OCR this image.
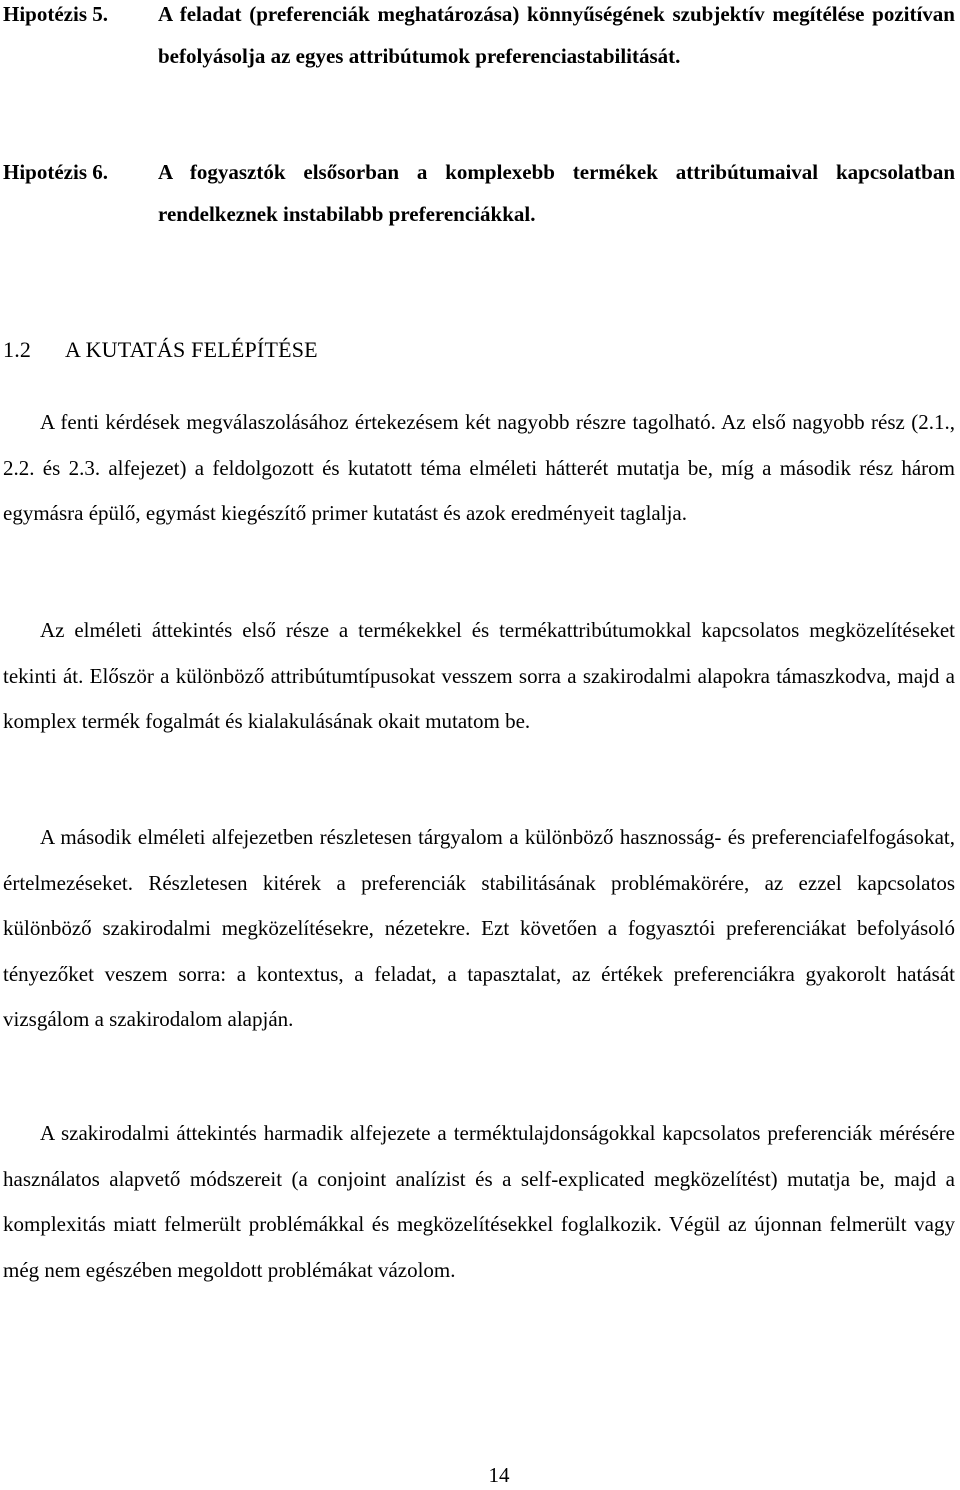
Hipotézis 5.	A feladat (preferenciák meghatározása) könnyűségének szubjektív megítélése pozitívan befolyásolja az egyes attribútumok preferenciastabilitását.
Hipotézis 6.	A fogyasztók elsősorban a komplexebb termékek attribútumaival kapcsolatban rendelkeznek instabilabb preferenciákkal.
1.2 A KUTATÁS FELÉPÍTÉSE

A fenti kérdések megválaszolásához értekezésem két nagyobb részre tagolható. Az első nagyobb rész (2.1., 2.2. és 2.3. alfejezet) a feldolgozott és kutatott téma elméleti hátterét mutatja be, míg a második rész három egymásra épülő, egymást kiegészítő primer kutatást és azok eredményeit taglalja.

Az elméleti áttekintés első része a termékekkel és termékattribútumokkal kapcsolatos megközelítéseket tekinti át. Először a különböző attribútumtípusokat vesszem sorra a szakirodalmi alapokra támaszkodva, majd a komplex termék fogalmát és kialakulásának okait mutatom be.

A második elméleti alfejezetben részletesen tárgyalom a különböző hasznosság- és preferenciafelfogásokat, értelmezéseket. Részletesen kitérek a preferenciák stabilitásának problémakörére, az ezzel kapcsolatos különböző szakirodalmi megközelítésekre, nézetekre. Ezt követően a fogyasztói preferenciákat befolyásoló tényezőket veszem sorra: a kontextus, a feladat, a tapasztalat, az értékek preferenciákra gyakorolt hatását vizsgálom a szakirodalom alapján.

A szakirodalmi áttekintés harmadik alfejezete a terméktulajdonságokkal kapcsolatos preferenciák mérésére használatos alapvető módszereit (a conjoint analízist és a self-explicated megközelítést) mutatja be, majd a komplexitás miatt felmerült problémákkal és megközelítésekkel foglalkozik. Végül az újonnan felmerült vagy még nem egészében megoldott problémákat vázolom.

14
